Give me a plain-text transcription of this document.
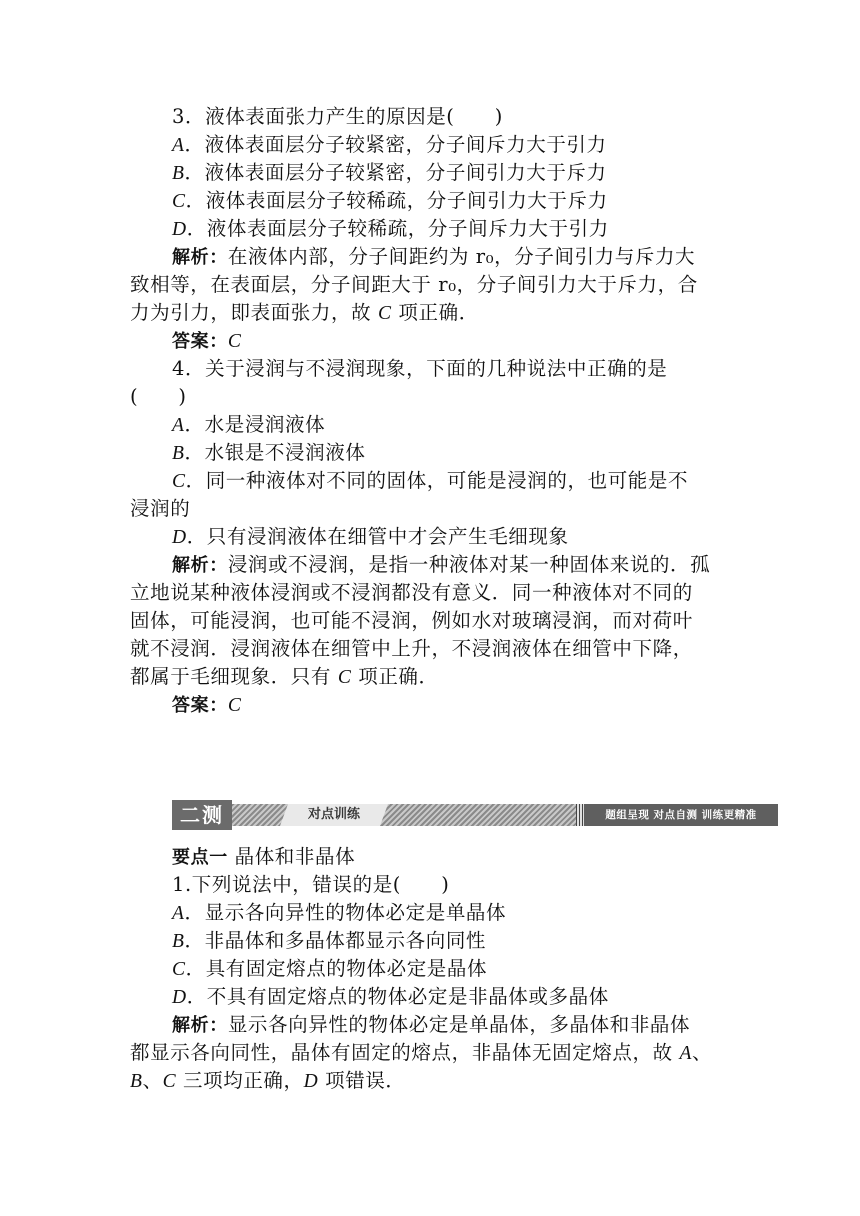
3．液体表面张力产生的原因是(　　)
A．液体表面层分子较紧密，分子间斥力大于引力
B．液体表面层分子较紧密，分子间引力大于斥力
C．液体表面层分子较稀疏，分子间引力大于斥力
D．液体表面层分子较稀疏，分子间斥力大于引力
解析：在液体内部，分子间距约为 r₀，分子间引力与斥力大
致相等，在表面层，分子间距大于 r₀，分子间引力大于斥力，合
力为引力，即表面张力，故 C 项正确．
答案：C
4．关于浸润与不浸润现象，下面的几种说法中正确的是
(　　)
A．水是浸润液体
B．水银是不浸润液体
C．同一种液体对不同的固体，可能是浸润的，也可能是不
浸润的
D．只有浸润液体在细管中才会产生毛细现象
解析：浸润或不浸润，是指一种液体对某一种固体来说的．孤
立地说某种液体浸润或不浸润都没有意义．同一种液体对不同的
固体，可能浸润，也可能不浸润，例如水对玻璃浸润，而对荷叶
就不浸润．浸润液体在细管中上升，不浸润液体在细管中下降，
都属于毛细现象．只有 C 项正确．
答案：C
二测	对点训练	题组呈现 对点自测 训练更精准
要点一 晶体和非晶体
1.下列说法中，错误的是(　　)
A．显示各向异性的物体必定是单晶体
B．非晶体和多晶体都显示各向同性
C．具有固定熔点的物体必定是晶体
D．不具有固定熔点的物体必定是非晶体或多晶体
解析：显示各向异性的物体必定是单晶体，多晶体和非晶体
都显示各向同性，晶体有固定的熔点，非晶体无固定熔点，故 A、
B、C 三项均正确，D 项错误．
